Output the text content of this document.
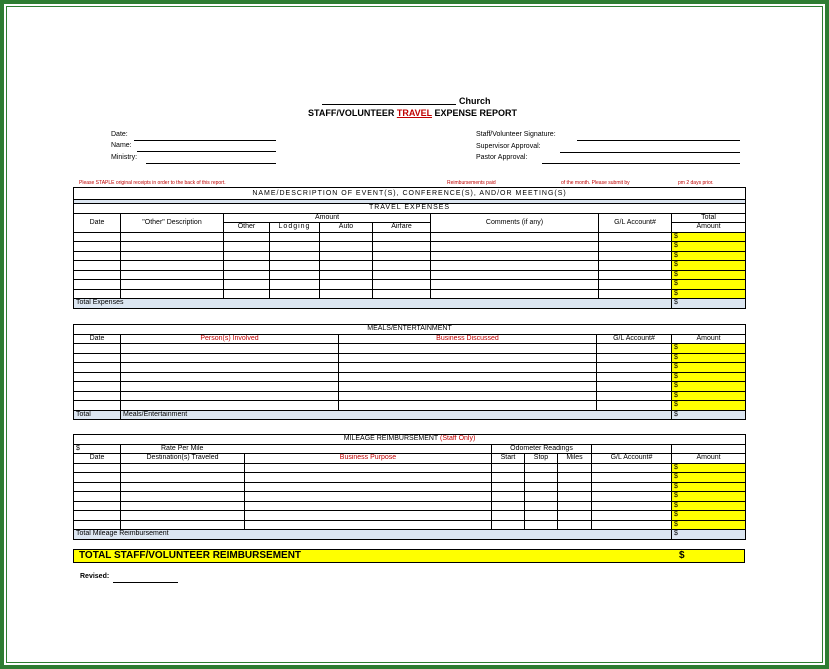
Church
STAFF/VOLUNTEER TRAVEL EXPENSE REPORT
Date:
Name:
Ministry:
Staff/Volunteer Signature:
Supervisor Approval:
Pastor Approval:
Please STAPLE original receipts in order to the back of this report.	Reimbursements paid	of the month. Please submit by	pm 2 days prior.
NAME/DESCRIPTION OF EVENT(S), CONFERENCE(S), AND/OR MEETING(S)								

TRAVEL EXPENSES								
Date	"Other" Description	Amount				Comments (if any)	G/L Account#	Total
		Other	Lodging	Auto	Airfare			Amount
								$
								$
								$
								$
								$
								$
								$
Total Expenses								$
MEALS/ENTERTAINMENT				
Date	Person(s) Involved	Business Discussed	G/L Account#	Amount
				$
				$
				$
				$
				$
				$
				$
Total	Meals/Entertainment			$
MILEAGE REIMBURSEMENT (Staff Only)							
$	Rate Per Mile		Odometer Readings				
Date	Destination(s) Traveled	Business Purpose	Start	Stop	Miles	G/L Account#	Amount
							$
							$
							$
							$
							$
							$
							$
Total Mileage Reimbursement							$
TOTAL STAFF/VOLUNTEER REIMBURSEMENT	$
Revised:
